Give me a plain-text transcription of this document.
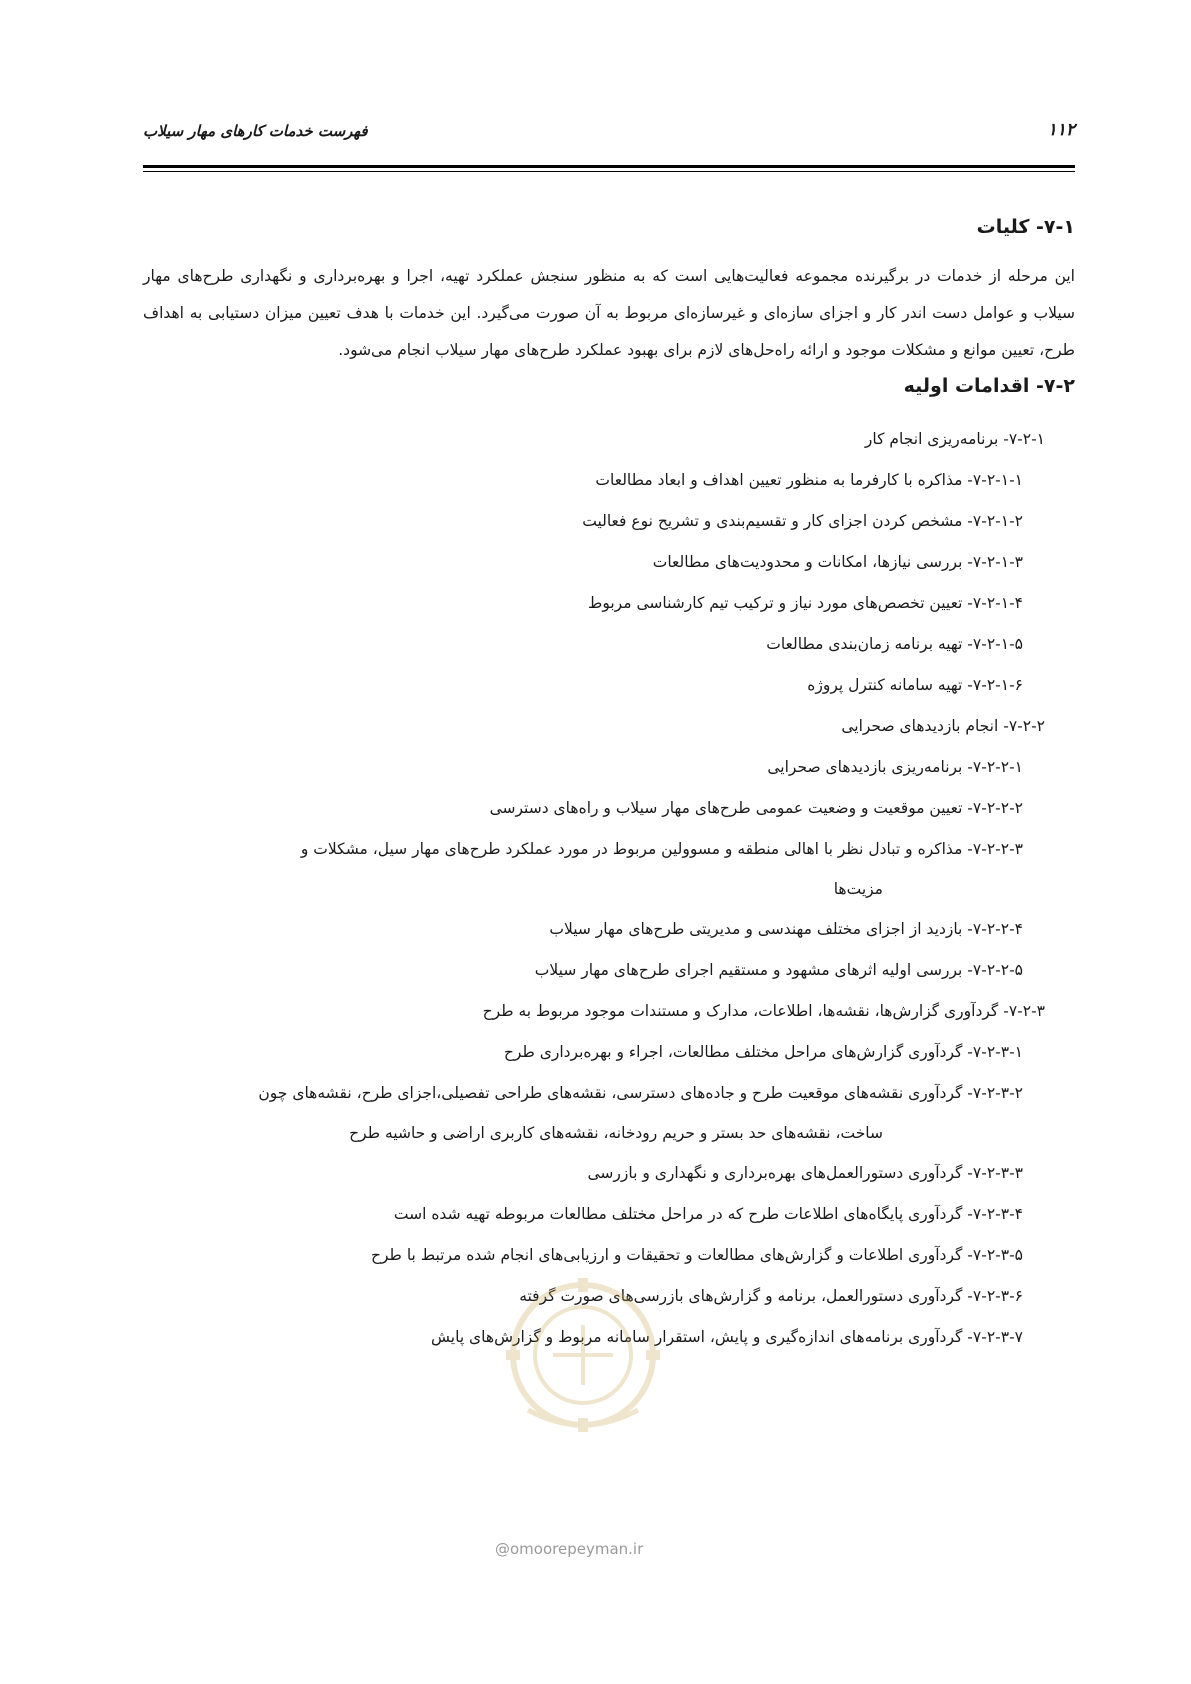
فهرست خدمات کارهای مهار سیلاب	۱۱۲
۷-۱- کلیات

این مرحله از خدمات در برگیرنده مجموعه فعالیت‌هایی است که به منظور سنجش عملکرد تهیه، اجرا و بهره‌برداری و نگهداری طرح‌های مهار سیلاب و عوامل دست اندر کار و اجزای سازه‌ای و غیرسازه‌ای مربوط به آن صورت می‌گیرد. این خدمات با هدف تعیین میزان دستیابی به اهداف طرح، تعیین موانع و مشکلات موجود و ارائه راه‌حل‌های لازم برای بهبود عملکرد طرح‌های مهار سیلاب انجام می‌شود.

۷-۲- اقدامات اولیه
۷-۲-۱- برنامه‌ریزی انجام کار
۷-۲-۱-۱- مذاکره با کارفرما به منظور تعیین اهداف و ابعاد مطالعات
۷-۲-۱-۲- مشخص کردن اجزای کار و تقسیم‌بندی و تشریح نوع فعالیت
۷-۲-۱-۳- بررسی نیازها، امکانات و محدودیت‌های مطالعات
۷-۲-۱-۴- تعیین تخصص‌های مورد نیاز و ترکیب تیم کارشناسی مربوط
۷-۲-۱-۵- تهیه برنامه زمان‌بندی مطالعات
۷-۲-۱-۶- تهیه سامانه کنترل پروژه
۷-۲-۲- انجام بازدیدهای صحرایی
۷-۲-۲-۱- برنامه‌ریزی بازدیدهای صحرایی
۷-۲-۲-۲- تعیین موقعیت و وضعیت عمومی طرح‌های مهار سیلاب و راه‌های دسترسی
۷-۲-۲-۳- مذاکره و تبادل نظر با اهالی منطقه و مسوولین مربوط در مورد عملکرد طرح‌های مهار سیل، مشکلات و
مزیت‌ها
۷-۲-۲-۴- بازدید از اجزای مختلف مهندسی و مدیریتی طرح‌های مهار سیلاب
۷-۲-۲-۵- بررسی اولیه اثرهای مشهود و مستقیم اجرای طرح‌های مهار سیلاب
۷-۲-۳- گردآوری گزارش‌ها، نقشه‌ها، اطلاعات، مدارک و مستندات موجود مربوط به طرح
۷-۲-۳-۱- گردآوری گزارش‌های مراحل مختلف مطالعات، اجراء و بهره‌برداری طرح
۷-۲-۳-۲- گردآوری نقشه‌های موقعیت طرح و جاده‌های دسترسی، نقشه‌های طراحی تفصیلی،اجزای طرح، نقشه‌های چون
ساخت، نقشه‌های حد بستر و حریم رودخانه، نقشه‌های کاربری اراضی و حاشیه طرح
۷-۲-۳-۳- گردآوری دستورالعمل‌های بهره‌برداری و نگهداری و بازرسی
۷-۲-۳-۴- گردآوری پایگاه‌های اطلاعات طرح که در مراحل مختلف مطالعات مربوطه تهیه شده است
۷-۲-۳-۵- گردآوری اطلاعات و گزارش‌های مطالعات و تحقیقات و ارزیابی‌های انجام شده مرتبط با طرح
۷-۲-۳-۶- گردآوری دستورالعمل، برنامه و گزارش‌های بازرسی‌های صورت گرفته
۷-۲-۳-۷- گردآوری برنامه‌های اندازه‌گیری و پایش، استقرار سامانه مربوط و گزارش‌های پایش
@omoorepeyman.ir
